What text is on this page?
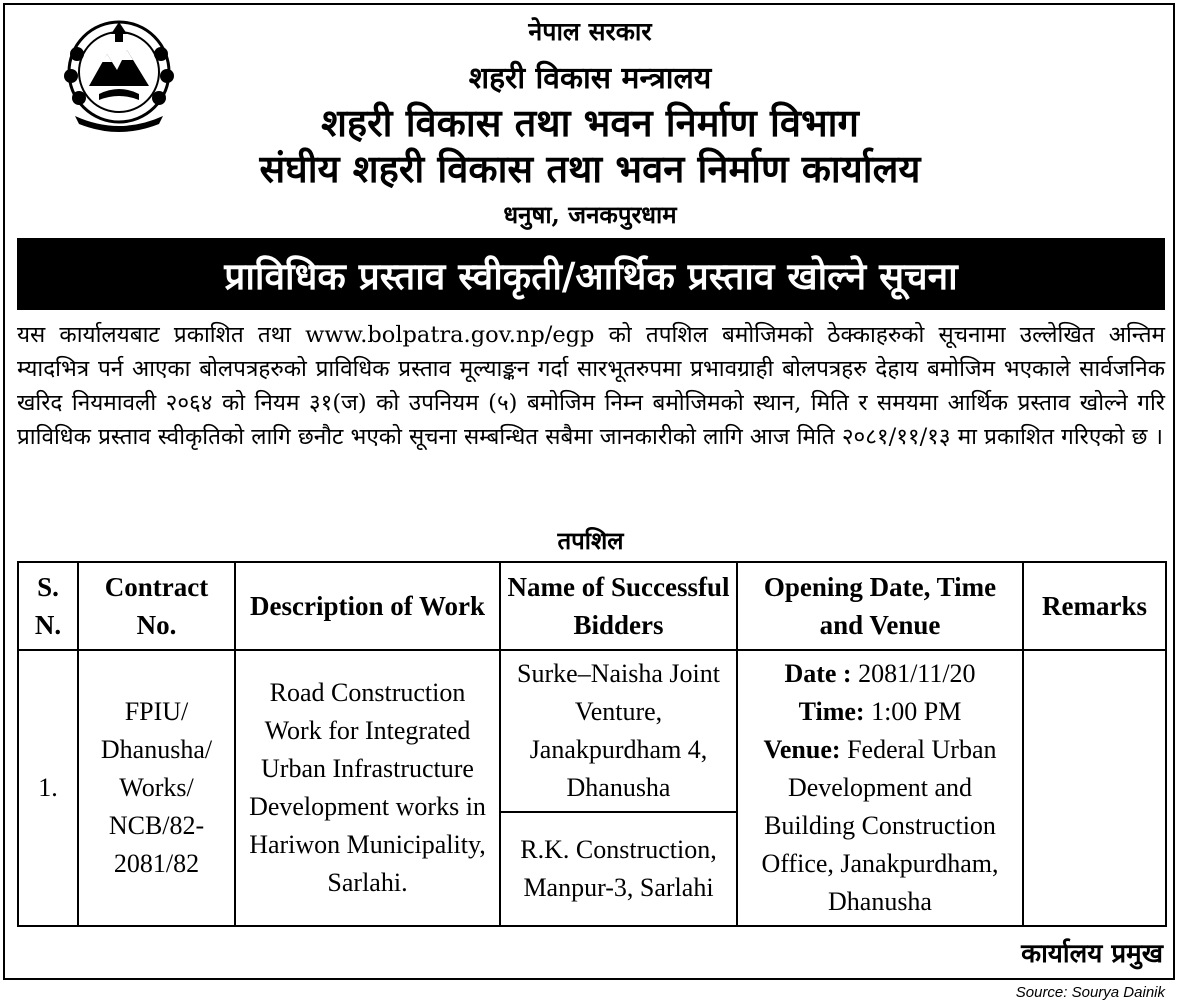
नेपाल सरकार
शहरी विकास मन्त्रालय
शहरी विकास तथा भवन निर्माण विभाग
संघीय शहरी विकास तथा भवन निर्माण कार्यालय
धनुषा, जनकपुरधाम
प्राविधिक प्रस्ताव स्वीकृती/आर्थिक प्रस्ताव खोल्ने सूचना
यस कार्यालयबाट प्रकाशित तथा www.bolpatra.gov.np/egp को तपशिल बमोजिमको ठेक्काहरुको सूचनामा उल्लेखित अन्तिम म्यादभित्र पर्न आएका बोलपत्रहरुको प्राविधिक प्रस्ताव मूल्याङ्कन गर्दा सारभूतरुपमा प्रभावग्राही बोलपत्रहरु देहाय बमोजिम भएकाले सार्वजनिक खरिद नियमावली २०६४ को नियम ३१(ज) को उपनियम (५) बमोजिम निम्न बमोजिमको स्थान, मिति र समयमा आर्थिक प्रस्ताव खोल्ने गरि प्राविधिक प्रस्ताव स्वीकृतिको लागि छनौट भएको सूचना सम्बन्धित सबैमा जानकारीको लागि आज मिति २०८१/११/१३ मा प्रकाशित गरिएको छ ।
तपशिल
S. N.	Contract No.	Description of Work	Name of Successful Bidders	Opening Date, Time and Venue	Remarks
1.	FPIU/ Dhanusha/ Works/ NCB/82- 2081/82	Road Construction Work for Integrated Urban Infrastructure Development works in Hariwon Municipality, Sarlahi.	Surke–Naisha Joint Venture, Janakpurdham 4, Dhanusha	Date : 2081/11/20
Time: 1:00 PM
Venue: Federal Urban Development and Building Construction Office, Janakpurdham, Dhanusha	
			R.K. Construction, Manpur-3, Sarlahi		
कार्यालय प्रमुख
Source: Sourya Dainik
